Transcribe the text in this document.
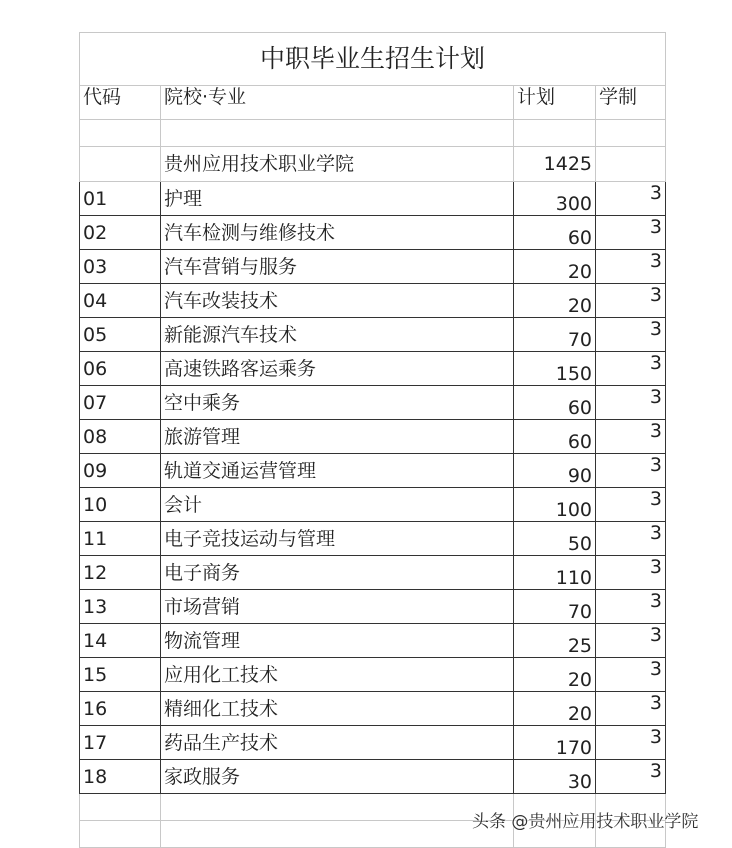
中职毕业生招生计划			
代码	院校·专业	计划	学制

	贵州应用技术职业学院	1425	
01	护理	300	3
02	汽车检测与维修技术	60	3
03	汽车营销与服务	20	3
04	汽车改装技术	20	3
05	新能源汽车技术	70	3
06	高速铁路客运乘务	150	3
07	空中乘务	60	3
08	旅游管理	60	3
09	轨道交通运营管理	90	3
10	会计	100	3
11	电子竞技运动与管理	50	3
12	电子商务	110	3
13	市场营销	70	3
14	物流管理	25	3
15	应用化工技术	20	3
16	精细化工技术	20	3
17	药品生产技术	170	3
18	家政服务	30	3

头条 @贵州应用技术职业学院
